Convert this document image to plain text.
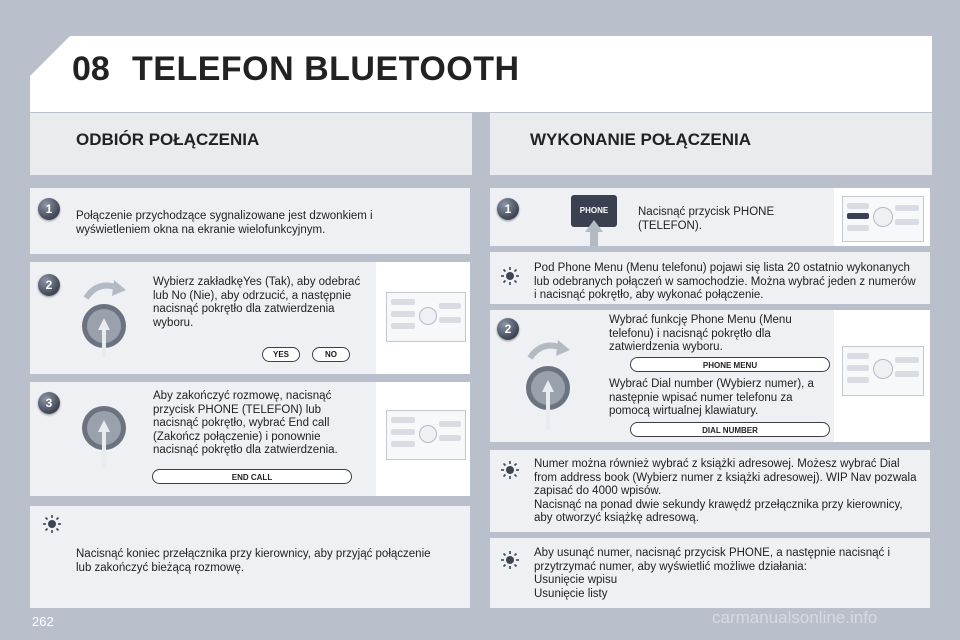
08 TELEFON BLUETOOTH
ODBIÓR POŁĄCZENIA	WYKONANIE POŁĄCZENIA
1	Połączenie przychodzące sygnalizowane jest dzwonkiem i wyświetleniem okna na ekranie wielofunkcyjnym.
2	Wybierz zakładkęYes (Tak), aby odebrać lub No (Nie), aby odrzucić, a następnie nacisnąć pokrętło dla zatwierdzenia wyboru.
YES	NO
3	Aby zakończyć rozmowę, nacisnąć przycisk PHONE (TELEFON) lub nacisnąć pokrętło, wybrać End call (Zakończ połączenie) i ponownie nacisnąć pokrętło dla zatwierdzenia.
END CALL
Nacisnąć koniec przełącznika przy kierownicy, aby przyjąć połączenie lub zakończyć bieżącą rozmowę.
1	PHONE	Nacisnąć przycisk PHONE (TELEFON).
Pod Phone Menu (Menu telefonu) pojawi się lista 20 ostatnio wykonanych lub odebranych połączeń w samochodzie. Można wybrać jeden z numerów i nacisnąć pokrętło, aby wykonać połączenie.
2
Wybrać funkcję Phone Menu (Menu telefonu) i nacisnąć pokrętło dla zatwierdzenia wyboru.
PHONE MENU
Wybrać Dial number (Wybierz numer), a następnie wpisać numer telefonu za pomocą wirtualnej klawiatury.
DIAL NUMBER
Numer można również wybrać z książki adresowej. Możesz wybrać Dial from address book (Wybierz numer z książki adresowej). WIP Nav pozwala zapisać do 4000 wpisów.
Nacisnąć na ponad dwie sekundy krawędź przełącznika przy kierownicy, aby otworzyć książkę adresową.
Aby usunąć numer, nacisnąć przycisk PHONE, a następnie nacisnąć i przytrzymać numer, aby wyświetlić możliwe działania:
Usunięcie wpisu
Usunięcie listy
262	carmanualsonline.info
